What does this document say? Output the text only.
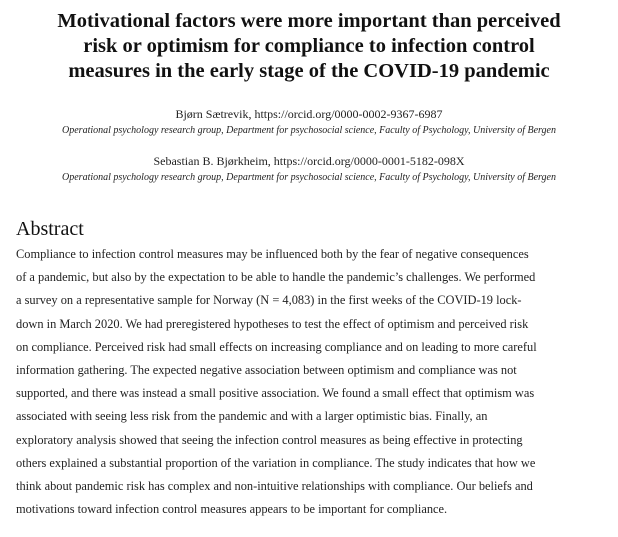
Motivational factors were more important than perceived
risk or optimism for compliance to infection control
measures in the early stage of the COVID-19 pandemic
Bjørn Sætrevik, https://orcid.org/0000-0002-9367-6987
Operational psychology research group, Department for psychosocial science, Faculty of Psychology, University of Bergen
Sebastian B. Bjørkheim, https://orcid.org/0000-0001-5182-098X
Operational psychology research group, Department for psychosocial science, Faculty of Psychology, University of Bergen
Abstract
Compliance to infection control measures may be influenced both by the fear of negative consequences
of a pandemic, but also by the expectation to be able to handle the pandemic’s challenges. We performed
a survey on a representative sample for Norway (N = 4,083) in the first weeks of the COVID-19 lock-
down in March 2020. We had preregistered hypotheses to test the effect of optimism and perceived risk
on compliance. Perceived risk had small effects on increasing compliance and on leading to more careful
information gathering. The expected negative association between optimism and compliance was not
supported, and there was instead a small positive association. We found a small effect that optimism was
associated with seeing less risk from the pandemic and with a larger optimistic bias. Finally, an
exploratory analysis showed that seeing the infection control measures as being effective in protecting
others explained a substantial proportion of the variation in compliance. The study indicates that how we
think about pandemic risk has complex and non-intuitive relationships with compliance. Our beliefs and
motivations toward infection control measures appears to be important for compliance.
